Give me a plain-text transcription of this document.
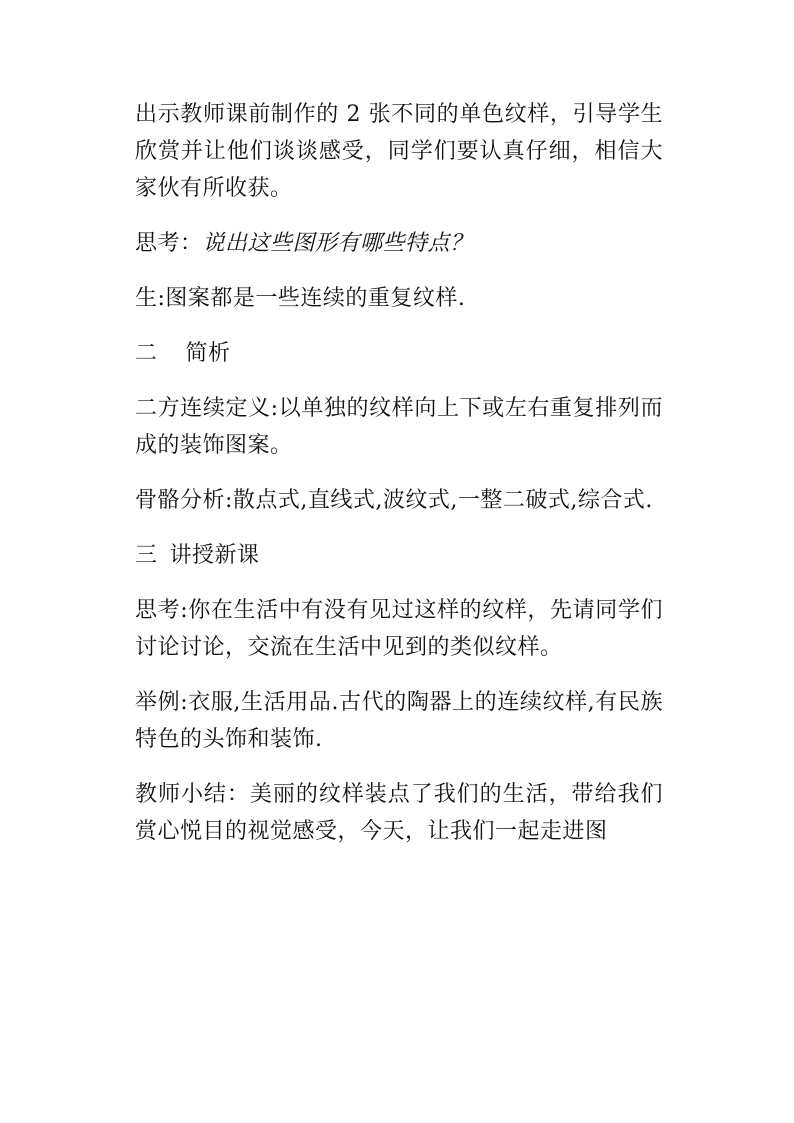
出示教师课前制作的 2 张不同的单色纹样，引导学生欣赏并让他们谈谈感受，同学们要认真仔细，相信大家伙有所收获。

思考：说出这些图形有哪些特点？

生:图案都是一些连续的重复纹样.

二 简析

二方连续定义:以单独的纹样向上下或左右重复排列而成的装饰图案。

骨骼分析:散点式,直线式,波纹式,一整二破式,综合式.

三 讲授新课

思考:你在生活中有没有见过这样的纹样，先请同学们讨论讨论，交流在生活中见到的类似纹样。

举例:衣服,生活用品.古代的陶器上的连续纹样,有民族特色的头饰和装饰.

教师小结：美丽的纹样装点了我们的生活，带给我们赏心悦目的视觉感受，今天，让我们一起走进图
